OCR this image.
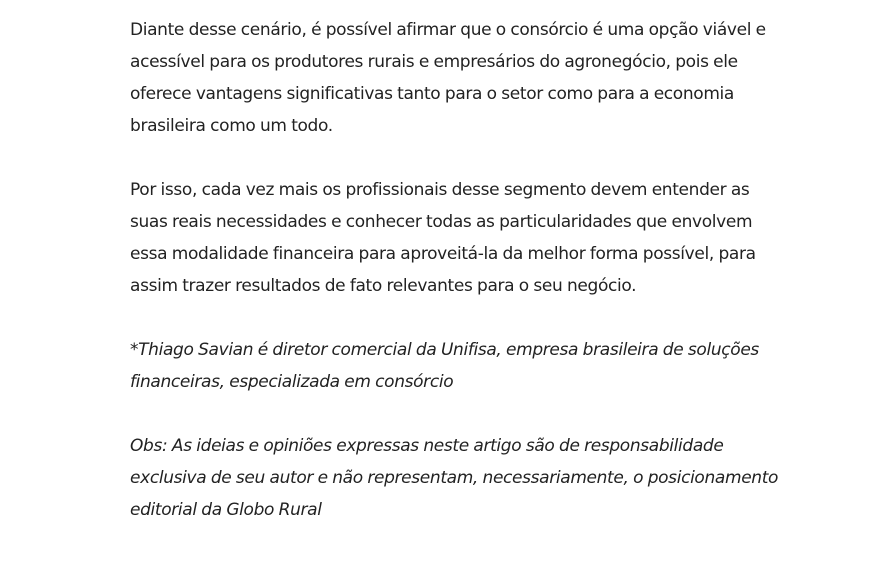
Diante desse cenário, é possível afirmar que o consórcio é uma opção viável e acessível para os produtores rurais e empresários do agronegócio, pois ele oferece vantagens significativas tanto para o setor como para a economia brasileira como um todo.

Por isso, cada vez mais os profissionais desse segmento devem entender as suas reais necessidades e conhecer todas as particularidades que envolvem essa modalidade financeira para aproveitá-la da melhor forma possível, para assim trazer resultados de fato relevantes para o seu negócio.

*Thiago Savian é diretor comercial da Unifisa, empresa brasileira de soluções financeiras, especializada em consórcio

Obs: As ideias e opiniões expressas neste artigo são de responsabilidade exclusiva de seu autor e não representam, necessariamente, o posicionamento editorial da Globo Rural
